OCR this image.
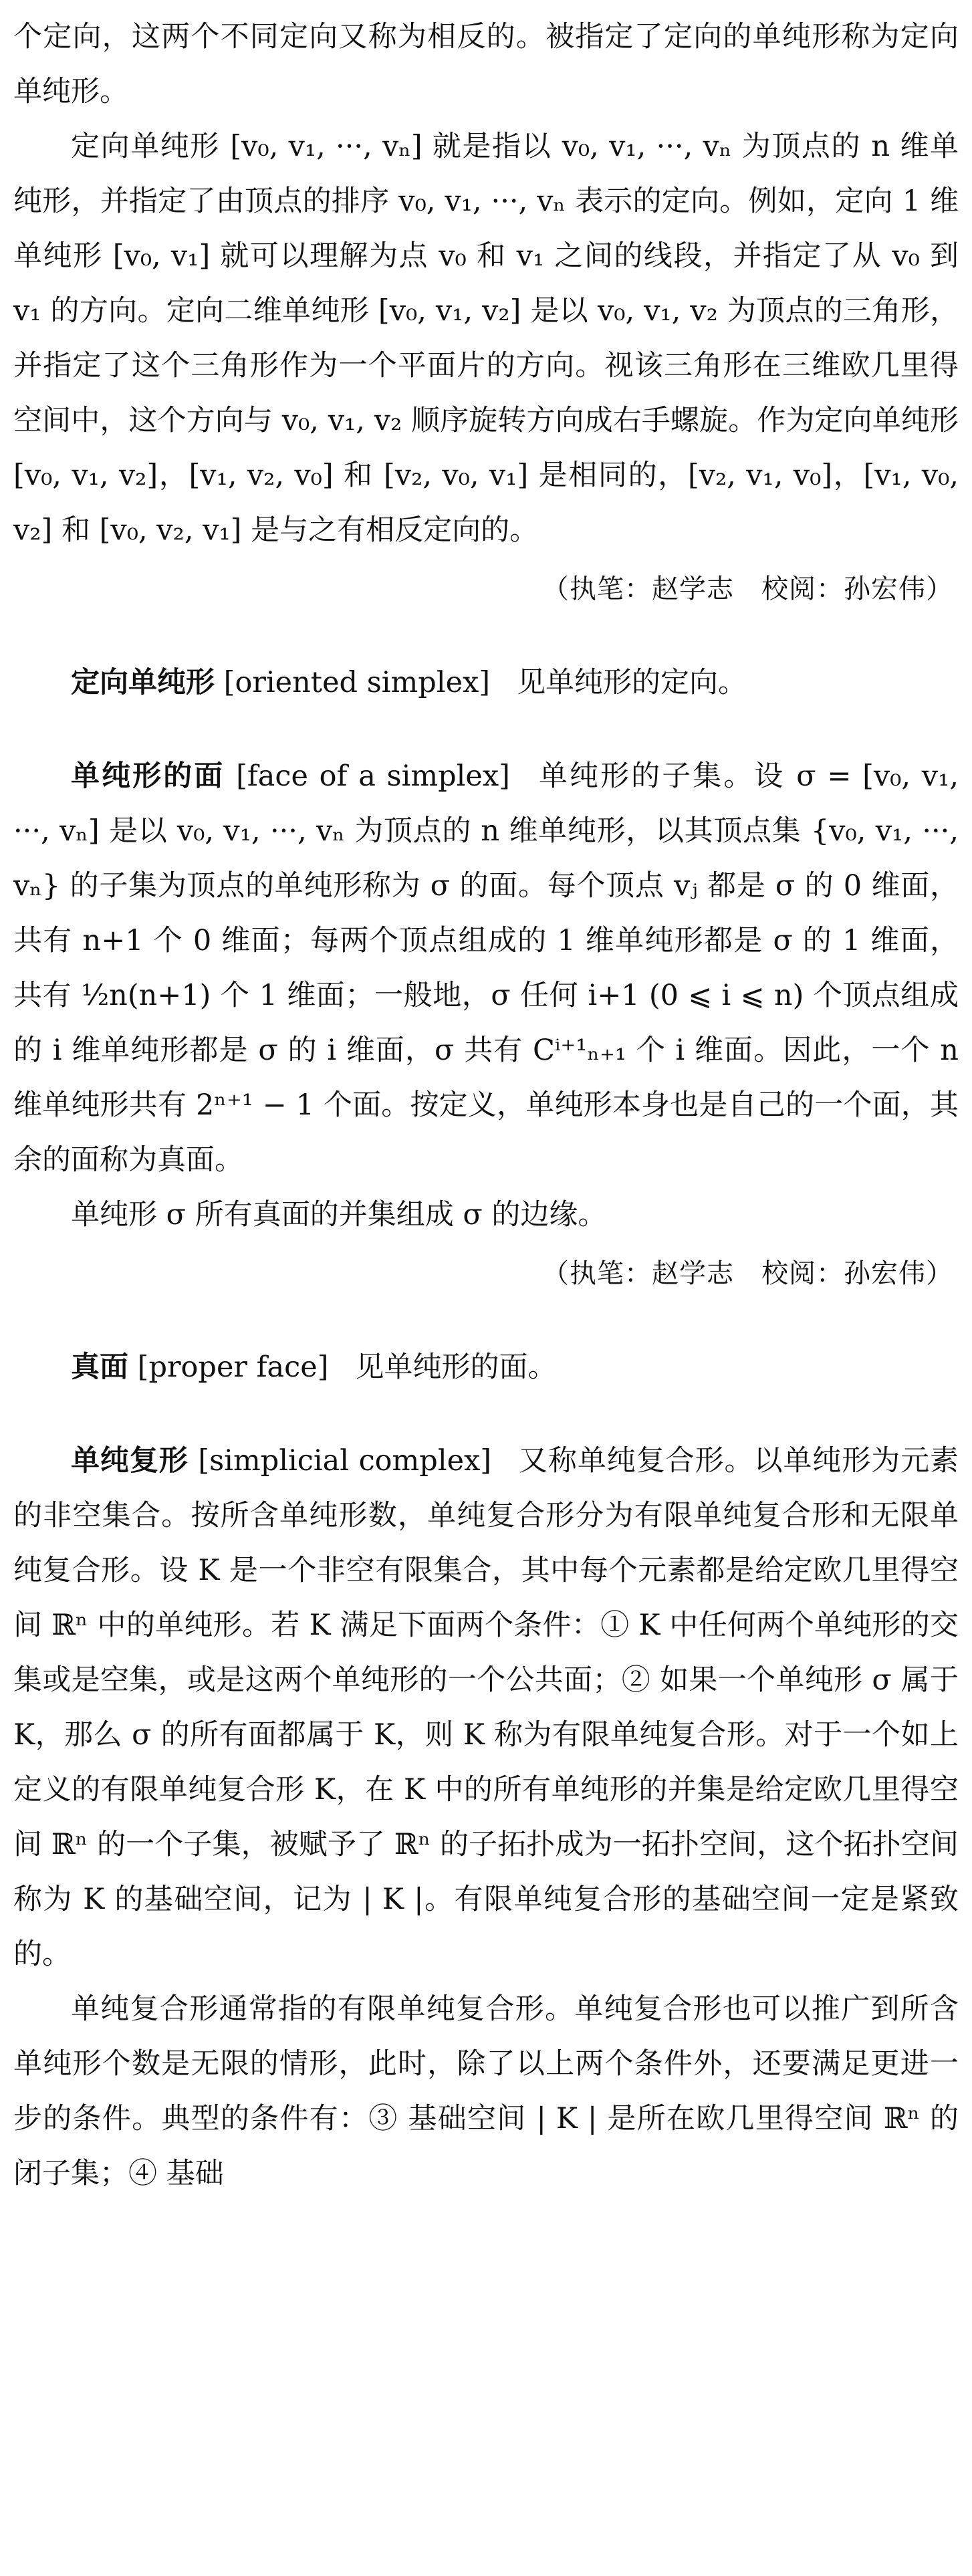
个定向，这两个不同定向又称为相反的。被指定了定向的单纯形称为定向单纯形。

定向单纯形 [v₀, v₁, ···, vₙ] 就是指以 v₀, v₁, ···, vₙ 为顶点的 n 维单纯形，并指定了由顶点的排序 v₀, v₁, ···, vₙ 表示的定向。例如，定向 1 维单纯形 [v₀, v₁] 就可以理解为点 v₀ 和 v₁ 之间的线段，并指定了从 v₀ 到 v₁ 的方向。定向二维单纯形 [v₀, v₁, v₂] 是以 v₀, v₁, v₂ 为顶点的三角形，并指定了这个三角形作为一个平面片的方向。视该三角形在三维欧几里得空间中，这个方向与 v₀, v₁, v₂ 顺序旋转方向成右手螺旋。作为定向单纯形 [v₀, v₁, v₂]，[v₁, v₂, v₀] 和 [v₂, v₀, v₁] 是相同的，[v₂, v₁, v₀]，[v₁, v₀, v₂] 和 [v₀, v₂, v₁] 是与之有相反定向的。

（执笔：赵学志　校阅：孙宏伟）

定向单纯形 [oriented simplex] 见单纯形的定向。

单纯形的面 [face of a simplex] 单纯形的子集。设 σ = [v₀, v₁, ···, vₙ] 是以 v₀, v₁, ···, vₙ 为顶点的 n 维单纯形，以其顶点集 {v₀, v₁, ···, vₙ} 的子集为顶点的单纯形称为 σ 的面。每个顶点 vⱼ 都是 σ 的 0 维面，共有 n+1 个 0 维面；每两个顶点组成的 1 维单纯形都是 σ 的 1 维面，共有 ½n(n+1) 个 1 维面；一般地，σ 任何 i+1 (0 ⩽ i ⩽ n) 个顶点组成的 i 维单纯形都是 σ 的 i 维面，σ 共有 Cⁱ⁺¹ₙ₊₁ 个 i 维面。因此，一个 n 维单纯形共有 2ⁿ⁺¹ − 1 个面。按定义，单纯形本身也是自己的一个面，其余的面称为真面。

单纯形 σ 所有真面的并集组成 σ 的边缘。

（执笔：赵学志　校阅：孙宏伟）

真面 [proper face] 见单纯形的面。

单纯复形 [simplicial complex] 又称单纯复合形。以单纯形为元素的非空集合。按所含单纯形数，单纯复合形分为有限单纯复合形和无限单纯复合形。设 K 是一个非空有限集合，其中每个元素都是给定欧几里得空间 ℝⁿ 中的单纯形。若 K 满足下面两个条件：① K 中任何两个单纯形的交集或是空集，或是这两个单纯形的一个公共面；② 如果一个单纯形 σ 属于 K，那么 σ 的所有面都属于 K，则 K 称为有限单纯复合形。对于一个如上定义的有限单纯复合形 K，在 K 中的所有单纯形的并集是给定欧几里得空间 ℝⁿ 的一个子集，被赋予了 ℝⁿ 的子拓扑成为一拓扑空间，这个拓扑空间称为 K 的基础空间，记为 | K |。有限单纯复合形的基础空间一定是紧致的。

单纯复合形通常指的有限单纯复合形。单纯复合形也可以推广到所含单纯形个数是无限的情形，此时，除了以上两个条件外，还要满足更进一步的条件。典型的条件有：③ 基础空间 | K | 是所在欧几里得空间 ℝⁿ 的闭子集；④ 基础
